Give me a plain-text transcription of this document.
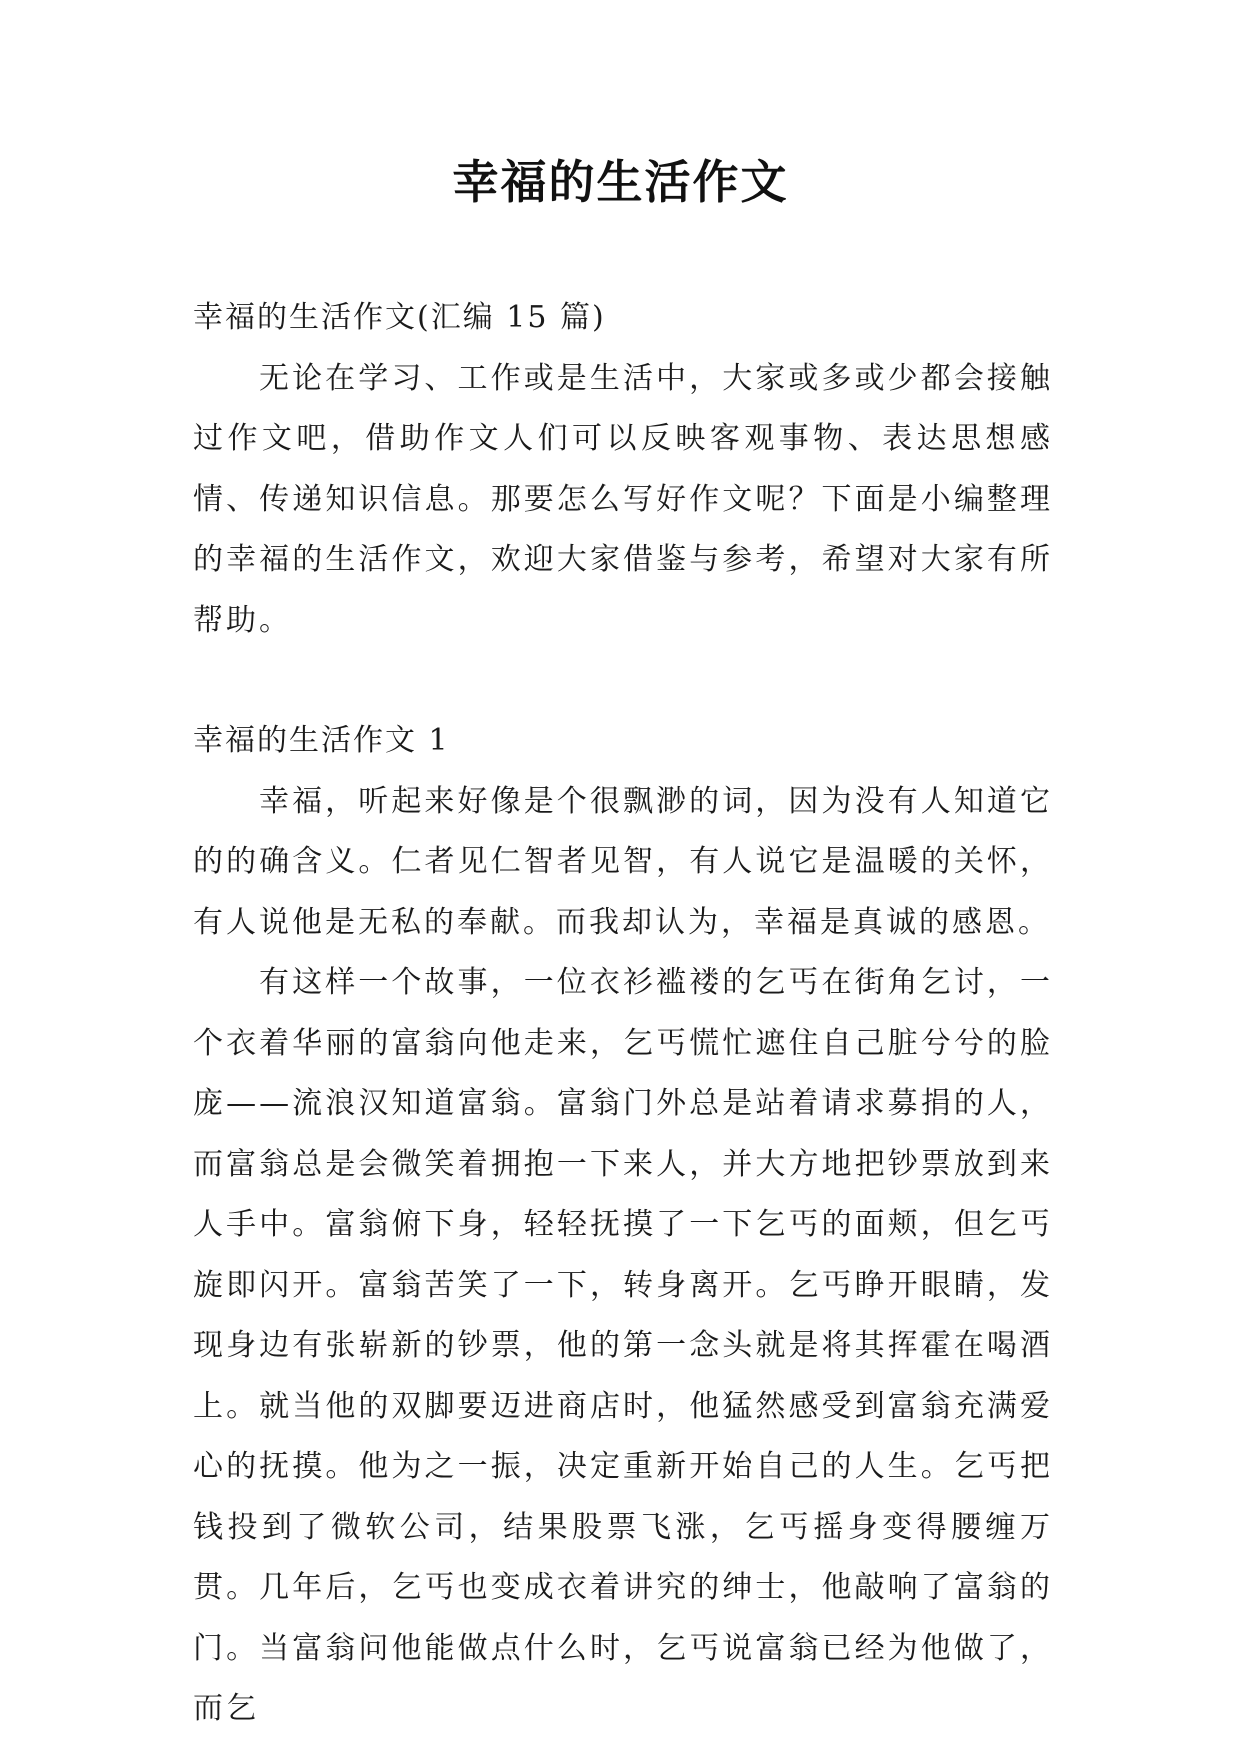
幸福的生活作文

幸福的生活作文(汇编 15 篇)

无论在学习、工作或是生活中，大家或多或少都会接触过作文吧，借助作文人们可以反映客观事物、表达思想感情、传递知识信息。那要怎么写好作文呢？下面是小编整理的幸福的生活作文，欢迎大家借鉴与参考，希望对大家有所帮助。

幸福的生活作文 1

幸福，听起来好像是个很飘渺的词，因为没有人知道它的的确含义。仁者见仁智者见智，有人说它是温暖的关怀，有人说他是无私的奉献。而我却认为，幸福是真诚的感恩。

有这样一个故事，一位衣衫褴褛的乞丐在街角乞讨，一个衣着华丽的富翁向他走来，乞丐慌忙遮住自己脏兮兮的脸庞——流浪汉知道富翁。富翁门外总是站着请求募捐的人，而富翁总是会微笑着拥抱一下来人，并大方地把钞票放到来人手中。富翁俯下身，轻轻抚摸了一下乞丐的面颊，但乞丐旋即闪开。富翁苦笑了一下，转身离开。乞丐睁开眼睛，发现身边有张崭新的钞票，他的第一念头就是将其挥霍在喝酒上。就当他的双脚要迈进商店时，他猛然感受到富翁充满爱心的抚摸。他为之一振，决定重新开始自己的人生。乞丐把钱投到了微软公司，结果股票飞涨，乞丐摇身变得腰缠万贯。几年后，乞丐也变成衣着讲究的绅士，他敲响了富翁的门。当富翁问他能做点什么时，乞丐说富翁已经为他做了，而乞
